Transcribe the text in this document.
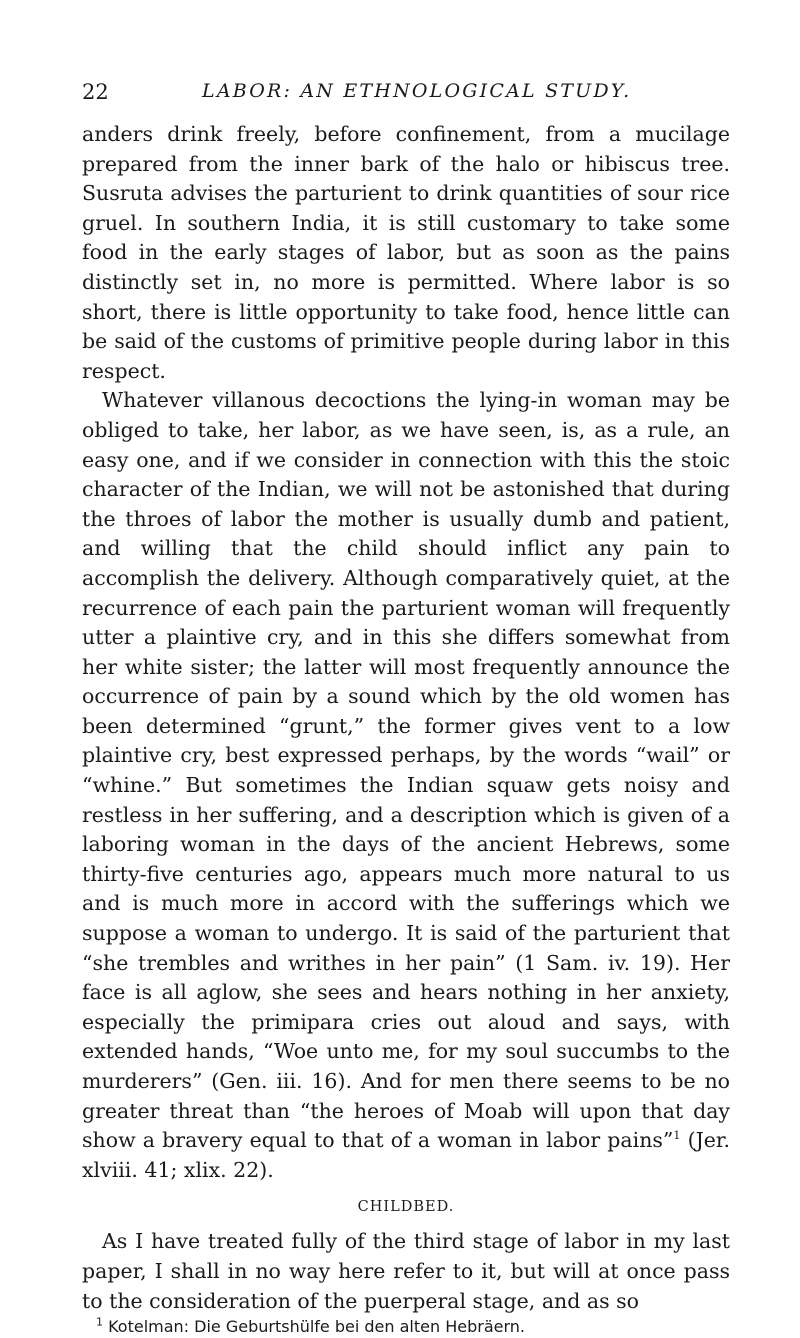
22	LABOR: AN ETHNOLOGICAL STUDY.

anders drink freely, before confinement, from a mucilage prepared from the inner bark of the halo or hibiscus tree. Susruta advises the parturient to drink quantities of sour rice gruel. In southern India, it is still customary to take some food in the early stages of labor, but as soon as the pains distinctly set in, no more is permitted. Where labor is so short, there is little opportunity to take food, hence little can be said of the customs of primitive people during labor in this respect.

Whatever villanous decoctions the lying-in woman may be obliged to take, her labor, as we have seen, is, as a rule, an easy one, and if we consider in connection with this the stoic character of the Indian, we will not be astonished that during the throes of labor the mother is usually dumb and patient, and willing that the child should inflict any pain to accomplish the delivery. Although comparatively quiet, at the recurrence of each pain the parturient woman will frequently utter a plaintive cry, and in this she differs somewhat from her white sister; the latter will most frequently announce the occurrence of pain by a sound which by the old women has been determined “grunt,” the former gives vent to a low plaintive cry, best expressed perhaps, by the words “wail” or “whine.” But sometimes the Indian squaw gets noisy and restless in her suffering, and a description which is given of a laboring woman in the days of the ancient Hebrews, some thirty-five centuries ago, appears much more natural to us and is much more in accord with the sufferings which we suppose a woman to undergo. It is said of the parturient that “she trembles and writhes in her pain” (1 Sam. iv. 19). Her face is all aglow, she sees and hears nothing in her anxiety, especially the primipara cries out aloud and says, with extended hands, “Woe unto me, for my soul succumbs to the murderers” (Gen. iii. 16). And for men there seems to be no greater threat than “the heroes of Moab will upon that day show a bravery equal to that of a woman in labor pains”$^1$ (Jer. xlviii. 41; xlix. 22).

CHILDBED.

As I have treated fully of the third stage of labor in my last paper, I shall in no way here refer to it, but will at once pass to the consideration of the puerperal stage, and as so

$^1$ Kotelman: Die Geburtshülfe bei den alten Hebräern.
